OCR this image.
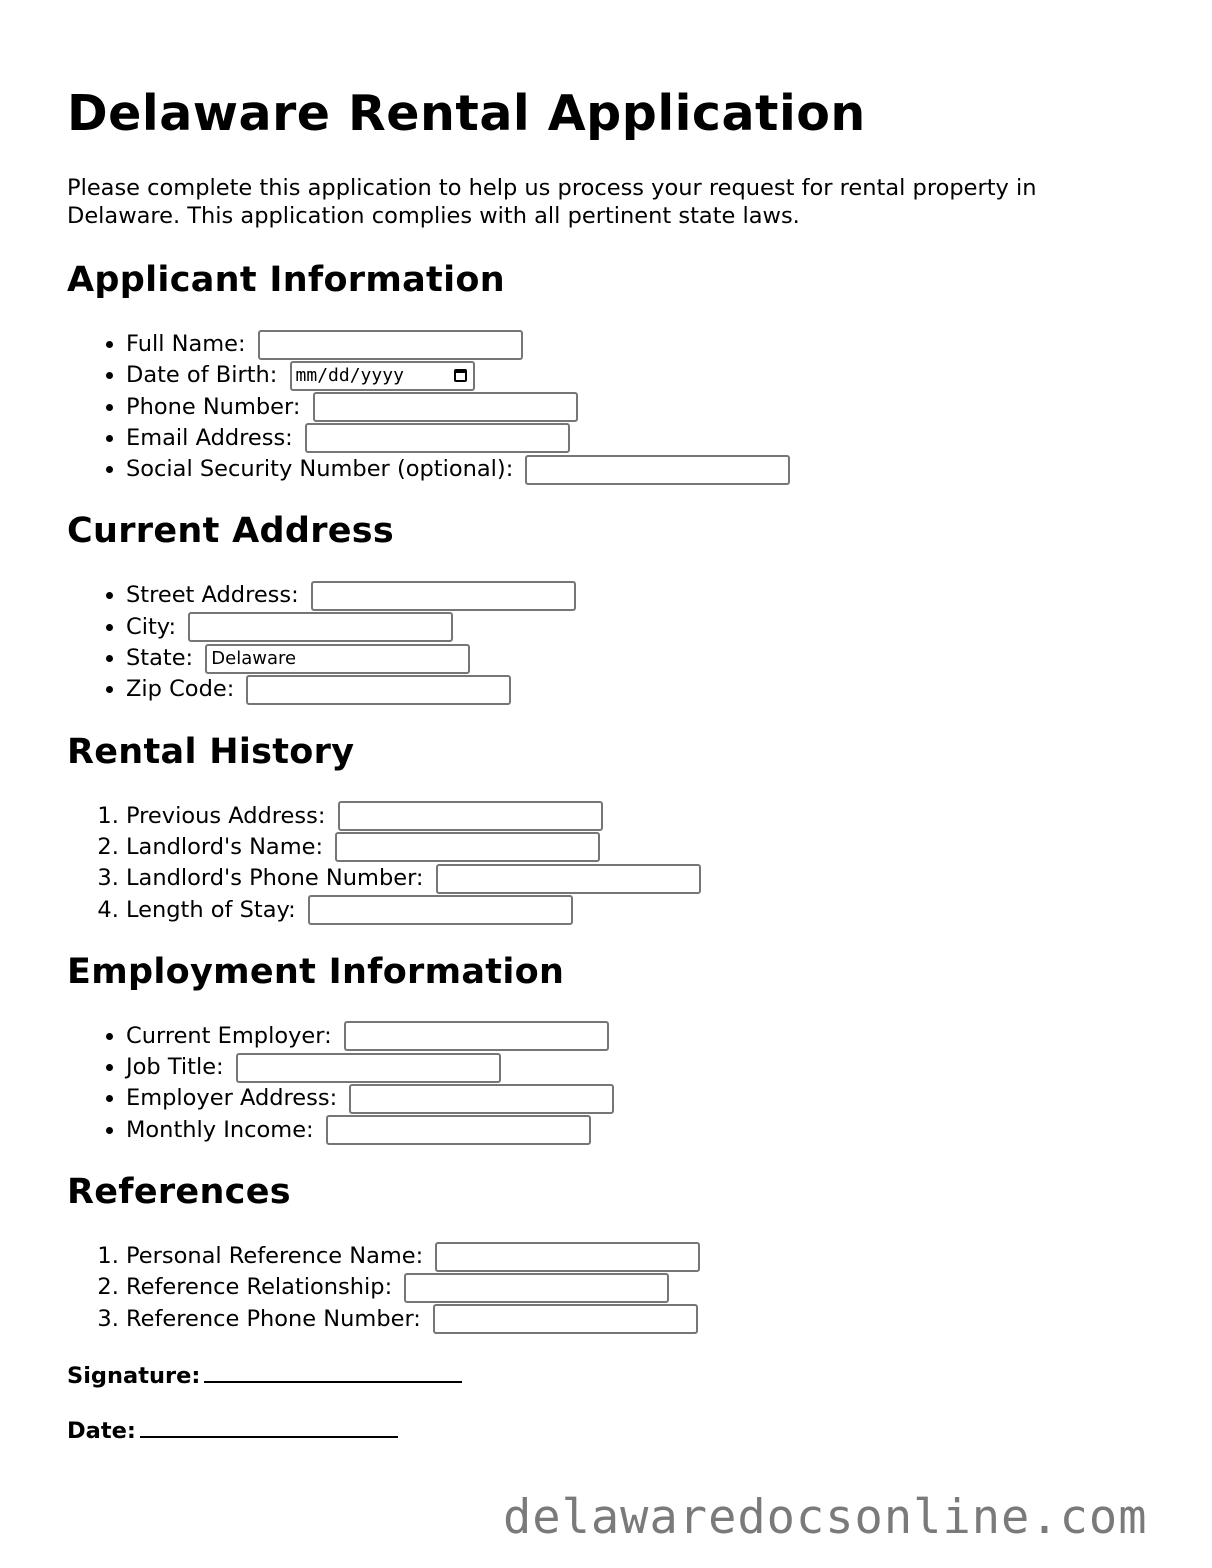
Delaware Rental Application

Please complete this application to help us process your request for rental property in Delaware. This application complies with all pertinent state laws.

Applicant Information
• Full Name:
• Date of Birth: mm/dd/yyyy
• Phone Number:
• Email Address:
• Social Security Number (optional):
Current Address
• Street Address:
• City:
• State: Delaware
• Zip Code:
Rental History
1. Previous Address:
2. Landlord's Name:
3. Landlord's Phone Number:
4. Length of Stay:
Employment Information
• Current Employer:
• Job Title:
• Employer Address:
• Monthly Income:
References
1. Personal Reference Name:
2. Reference Relationship:
3. Reference Phone Number:
Signature:
Date:
delawaredocsonline.com
